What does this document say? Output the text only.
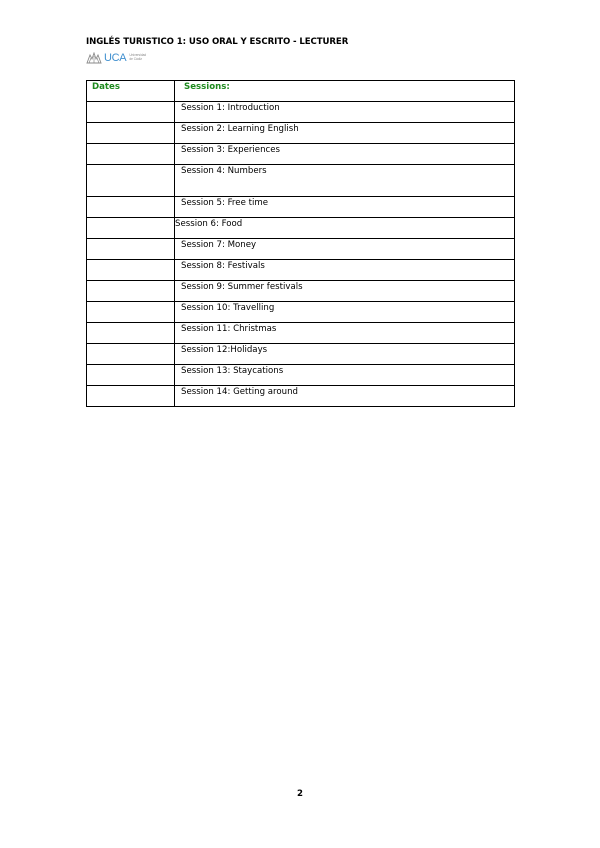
INGLÉS TURISTICO 1: USO ORAL Y ESCRITO - LECTURER
UCA Universidad
de Cádiz
Dates	Sessions:
	Session 1: Introduction
	Session 2: Learning English
	Session 3: Experiences
	Session 4: Numbers
	Session 5: Free time
	Session 6: Food
	Session 7: Money
	Session 8: Festivals
	Session 9: Summer festivals
	Session 10: Travelling
	Session 11: Christmas
	Session 12:Holidays
	Session 13: Staycations
	Session 14: Getting around
2
